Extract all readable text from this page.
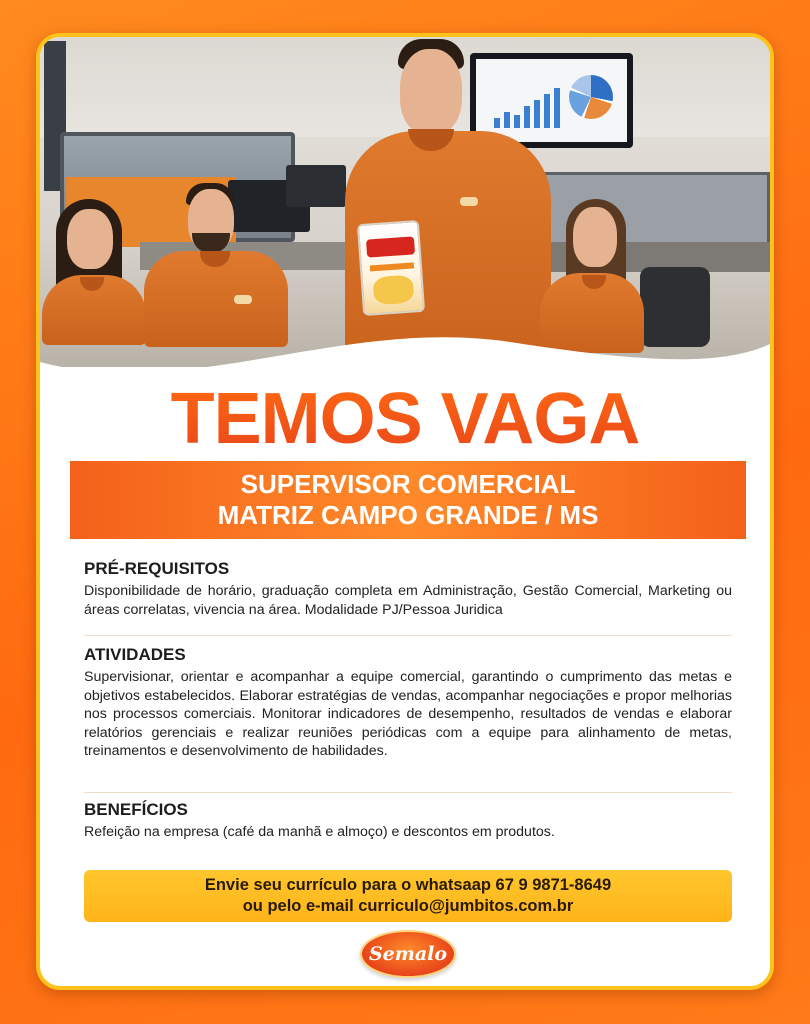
TEMOS VAGA
SUPERVISOR COMERCIAL
MATRIZ CAMPO GRANDE / MS
PRÉ-REQUISITOS

Disponibilidade de horário, graduação completa em Administração, Gestão Comercial, Marketing ou áreas correlatas, vivencia na área. Modalidade PJ/Pessoa Juridica

ATIVIDADES

Supervisionar, orientar e acompanhar a equipe comercial, garantindo o cumprimento das metas e objetivos estabelecidos. Elaborar estratégias de vendas, acompanhar negociações e propor melhorias nos processos comerciais. Monitorar indicadores de desempenho, resultados de vendas e elaborar relatórios gerenciais e realizar reuniões periódicas com a equipe para alinhamento de metas, treinamentos e desenvolvimento de habilidades.

BENEFÍCIOS

Refeição na empresa (café da manhã e almoço) e descontos em produtos.

Envie seu currículo para o whatsaap 67 9 9871-8649
ou pelo e-mail curriculo@jumbitos.com.br
Semalo
